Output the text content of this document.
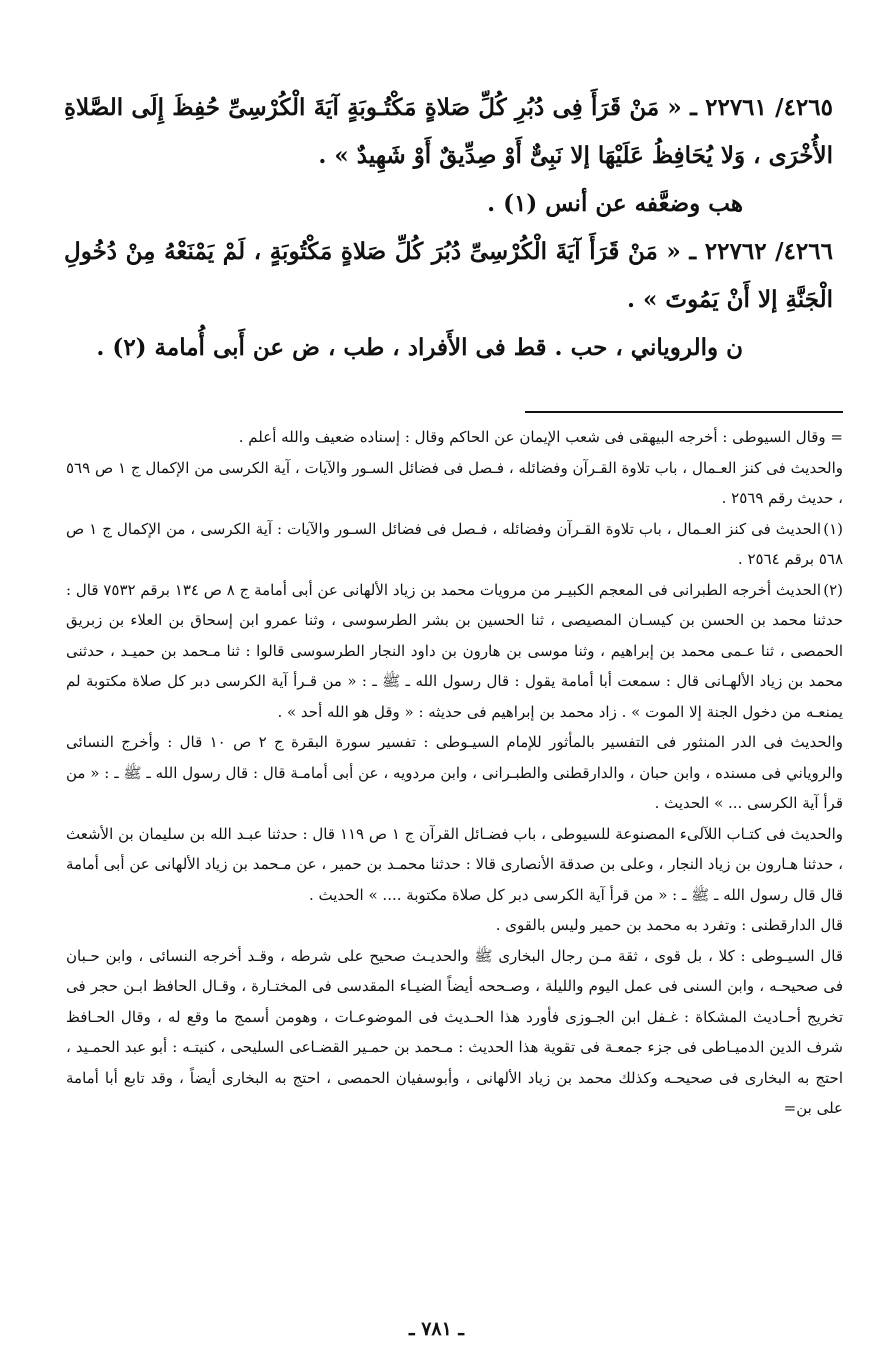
٤٢٦٥/ ٢٢٧٦١ ـ « مَنْ قَرَأَ فِى دُبُرِ كُلِّ صَلاةٍ مَكْتُـوبَةٍ آيَةَ الْكُرْسِىِّ حُفِظَ إِلَى الصَّلاةِ الأُخْرَى ، وَلا يُحَافِظُ عَلَيْهَا إلا نَبِىٌّ أَوْ صِدِّيقٌ أَوْ شَهِيدٌ » .

هب وضعَّفه عن أنس (١) .

٤٢٦٦/ ٢٢٧٦٢ ـ « مَنْ قَرَأَ آيَةَ الْكُرْسِىِّ دُبُرَ كُلِّ صَلاةٍ مَكْتُوبَةٍ ، لَمْ يَمْنَعْهُ مِنْ دُخُولِ الْجَنَّةِ إلا أَنْ يَمُوتَ » .

ن والروياني ، حب . قط فى الأَفراد ، طب ، ض عن أَبى أُمامة (٢) .

= وقال السيوطى : أخرجه البيهقى فى شعب الإيمان عن الحاكم وقال : إسناده ضعيف والله أعلم .

والحديث فى كنز العـمال ، باب تلاوة القـرآن وفضائله ، فـصل فى فضائل السـور والآيات ، آية الكرسى من الإكمال ج ١ ص ٥٦٩ ، حديث رقم ٢٥٦٩ .

(١)الحديث فى كنز العـمال ، باب تلاوة القـرآن وفضائله ، فـصل فى فضائل السـور والآيات : آية الكرسى ، من الإكمال ج ١ ص ٥٦٨ برقم ٢٥٦٤ .

(٢)الحديث أخرجه الطبرانى فى المعجم الكبيـر من مرويات محمد بن زياد الألهانى عن أبى أمامة ج ٨ ص ١٣٤ برقم ٧٥٣٢ قال : حدثنا محمد بن الحسن بن كيسـان المصيصى ، ثنا الحسين بن بشر الطرسوسى ، وثنا عمرو ابن إسحاق بن العلاء بن زبريق الحمصى ، ثنا عـمى محمد بن إبراهيم ، وثنا موسى بن هارون بن داود النجار الطرسوسى قالوا : ثنا مـحمد بن حميـد ، حدثنى محمد بن زياد الألهـانى قال : سمعت أبا أمامة يقول : قال رسول الله ـ ﷺ ـ : « من قـرأ آية الكرسى دبر كل صلاة مكتوبة لم يمنعـه من دخول الجنة إلا الموت » . زاد محمد بن إبراهيم فى حديثه : « وقل هو الله أحد » .

والحديث فى الدر المنثور فى التفسير بالمأثور للإمام السيـوطى : تفسير سورة البقرة ج ٢ ص ١٠ قال : وأخرج النسائى والروياني فى مسنده ، وابن حبان ، والدارقطنى والطبـرانى ، وابن مردويه ، عن أبى أمامـة قال : قال رسول الله ـ ﷺ ـ : « من قرأ آية الكرسى ... » الحديث .

والحديث فى كتـاب اللآلىء المصنوعة للسيوطى ، باب فضـائل القرآن ج ١ ص ١١٩ قال : حدثنا عبـد الله بن سليمان بن الأشعث ، حدثنا هـارون بن زياد النجار ، وعلى بن صدقة الأنصارى قالا : حدثنا محمـد بن حمير ، عن مـحمد بن زياد الألهانى عن أبى أمامة قال قال رسول الله ـ ﷺ ـ : « من قرأ آية الكرسى دبر كل صلاة مكتوبة .... » الحديث .

قال الدارقطنى : وتفرد به محمد بن حمير وليس بالقوى .

قال السيـوطى : كلا ، بل قوى ، ثقة مـن رجال البخارى ﷺ والحديـث صحيح على شرطه ، وقـد أخرجه النسائى ، وابن حـبان فى صحيحـه ، وابن السنى فى عمل اليوم والليلة ، وصـححه أيضاً الضيـاء المقدسى فى المختـارة ، وقـال الحافظ ابـن حجر فى تخريج أحـاديث المشكاة : غـفل ابن الجـوزى فأورد هذا الحـديث فى الموضوعـات ، وهومن أسمج ما وقع له ، وقال الحـافظ شرف الدين الدميـاطى فى جزء جمعـة فى تقوية هذا الحديث : مـحمد بن حمـير القضـاعى السليحى ، كنيتـه : أبو عبد الحمـيد ، احتج به البخارى فى صحيحـه وكذلك محمد بن زياد الألهانى ، وأبوسفيان الحمصى ، احتج به البخارى أيضاً ، وقد تابع أبا أمامة على بن=

ـ ٧٨١ ـ
